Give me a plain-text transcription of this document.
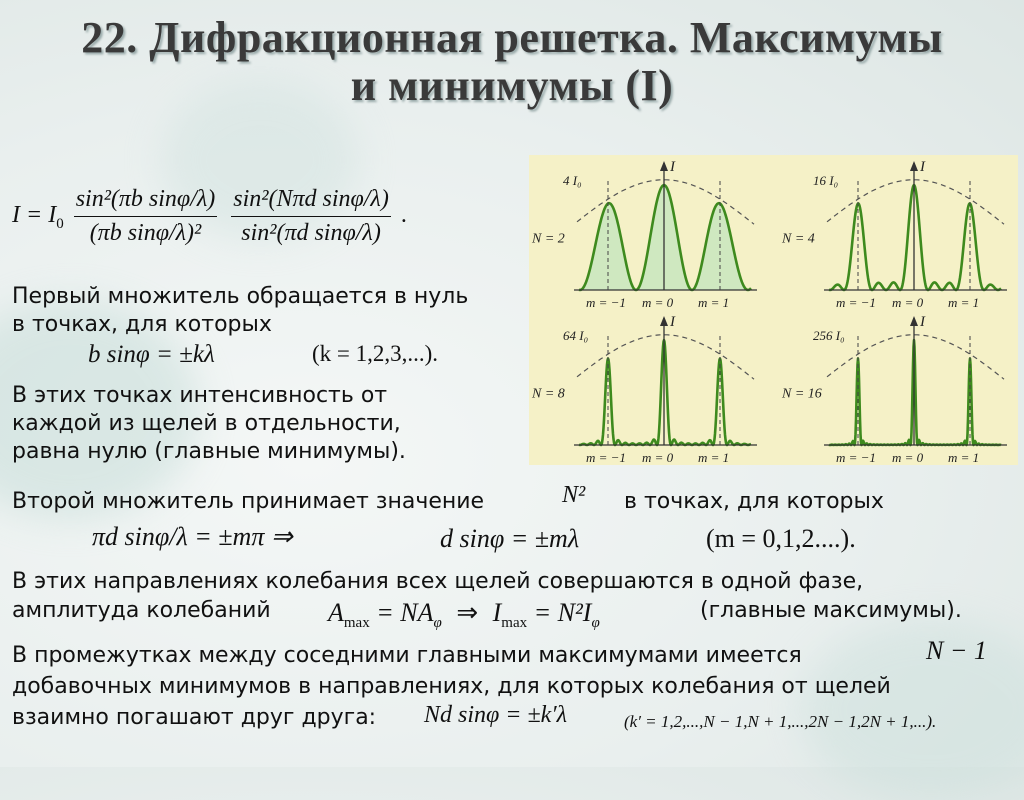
22. Дифракционная решетка. Максимумы
и минимумы (I)
$I = I_0 \frac{\text{sin²(πb sinφ/λ)}}{\text{(πb sinφ/λ)²}}$
$\frac{\text{sin²(Nπd sinφ/λ)}}{\text{sin²(πd sinφ/λ)}}$ .
Первый множитель обращается в нуль
в точках, для которых
b sinφ = ±kλ	(k = 1,2,3,...).
В этих точках интенсивность от
каждой из щелей в отдельности,
равна нулю (главные минимумы).
I
4 I₀
N = 2
m = −1 m = 0 m = 1
I
16 I₀
N = 4
m = −1 m = 0 m = 1
I
64 I₀
N = 8
m = −1 m = 0 m = 1
I
256 I₀
N = 16
m = −1 m = 0 m = 1
Второй множитель принимает значение	N² в точках, для которых
πd sinφ/λ = ±mπ ⇒	d sinφ = ±mλ	(m = 0,1,2....).
В этих направлениях колебания всех щелей совершаются в одной фазе,
амплитуда колебаний $A_{max} = NA_\varphi$ ⇒ $I_{max} = N^2I_\varphi$
(главные максимумы).
В промежутках между соседними главными максимумами имеется	N − 1
добавочных минимумов в направлениях, для которых колебания от щелей
взаимно погашают друг друга: Nd sinφ = ±k′λ	(k′ = 1,2,...,N − 1,N + 1,...,2N − 1,2N + 1,...).
